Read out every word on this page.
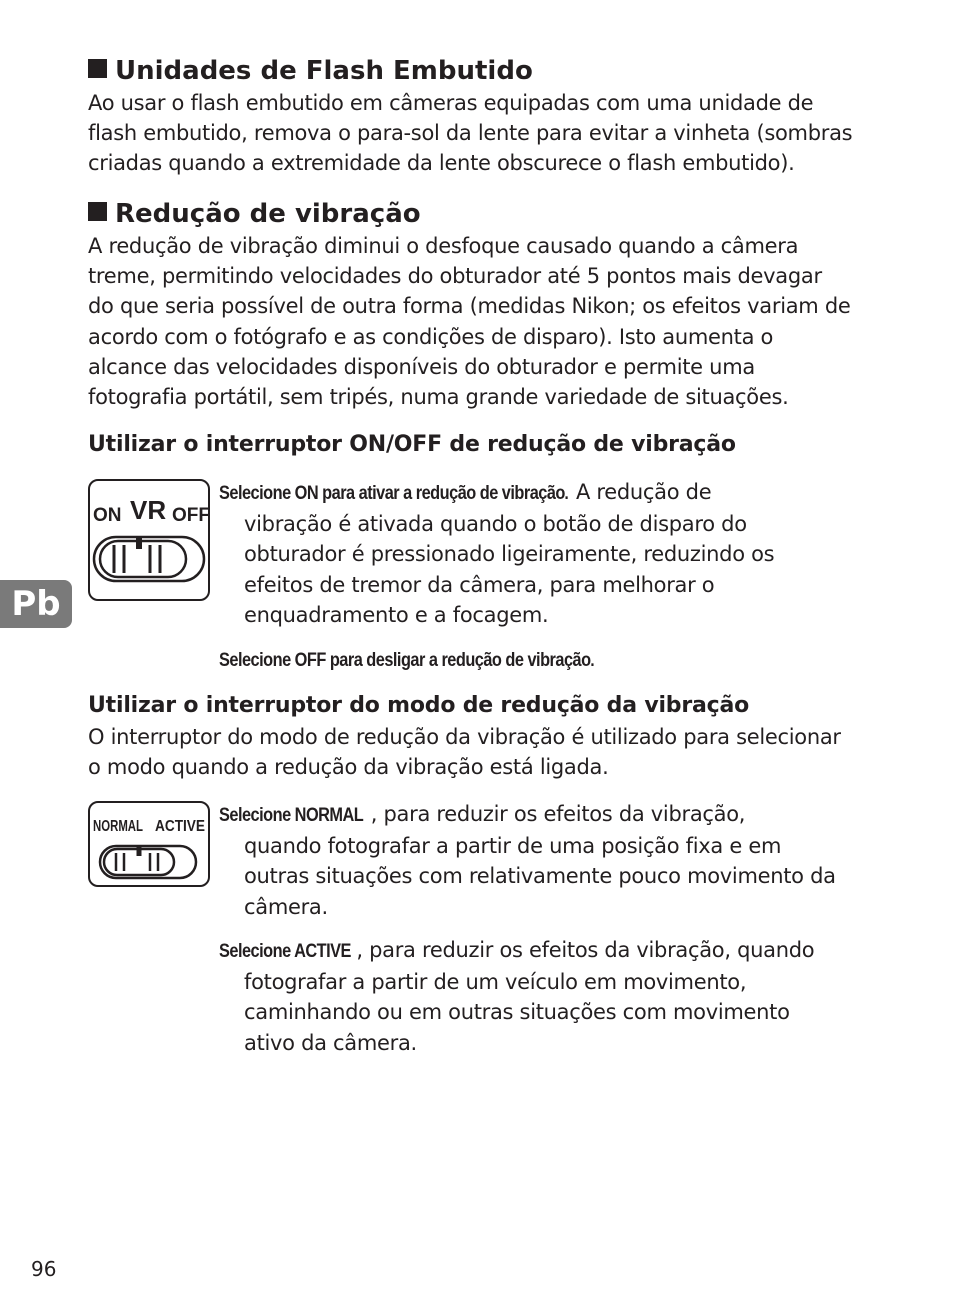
Unidades de Flash Embutido

Ao usar o flash embutido em câmeras equipadas com uma unidade de
flash embutido, remova o para-sol da lente para evitar a vinheta (sombras
criadas quando a extremidade da lente obscurece o flash embutido).

Redução de vibração

A redução de vibração diminui o desfoque causado quando a câmera
treme, permitindo velocidades do obturador até 5 pontos mais devagar
do que seria possível de outra forma (medidas Nikon; os efeitos variam de
acordo com o fotógrafo e as condições de disparo). Isto aumenta o
alcance das velocidades disponíveis do obturador e permite uma
fotografia portátil, sem tripés, numa grande variedade de situações.

Utilizar o interruptor ON/OFF de redução de vibração

ON VR OFF
Selecione ON para ativar a redução de vibração. A redução de
vibração é ativada quando o botão de disparo do
obturador é pressionado ligeiramente, reduzindo os
efeitos de tremor da câmera, para melhorar o
enquadramento e a focagem.
Selecione OFF para desligar a redução de vibração.

Utilizar o interruptor do modo de redução da vibração

O interruptor do modo de redução da vibração é utilizado para selecionar
o modo quando a redução da vibração está ligada.

NORMAL ACTIVE
Selecione NORMAL , para reduzir os efeitos da vibração,
quando fotografar a partir de uma posição fixa e em
outras situações com relativamente pouco movimento da
câmera.
Selecione ACTIVE , para reduzir os efeitos da vibração, quando
fotografar a partir de um veículo em movimento,
caminhando ou em outras situações com movimento
ativo da câmera.
Pb
96
